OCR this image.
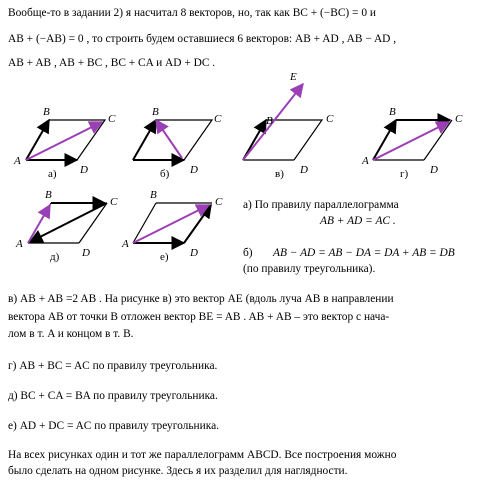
Вообще-то в задании 2) я насчитал 8 векторов, но, так как BC + (−BC) = 0 и
AB + (−AB) = 0 , то строить будем оставшиеся 6 векторов: AB + AD , AB − AD ,
AB + AB , AB + BC , BC + CA и AD + DC .
A
B
C
D
а)
B
C
D
б)
E
B	C
D
в)
A
B
C
D
г)
A
B
C
D
д)
A
B
C
D
е)
а) По правилу параллелограмма
AB + AD = AC .
б) AB − AD = AB − DA = DA + AB = DB
(по правилу треугольника).
в) AB + AB =2 AB . На рисунке в) это вектор AE (вдоль луча AB в направлении
вектора AB от точки B отложен вектор BE = AB . AB + AB – это вектор с нача-
лом в т. A и концом в т. B.
г) AB + BC = AC по правилу треугольника.
д) BC + CA = BA по правилу треугольника.
е) AD + DC = AC по правилу треугольника.
На всех рисунках один и тот же параллелограмм ABCD. Все построения можно
было сделать на одном рисунке. Здесь я их разделил для наглядности.
